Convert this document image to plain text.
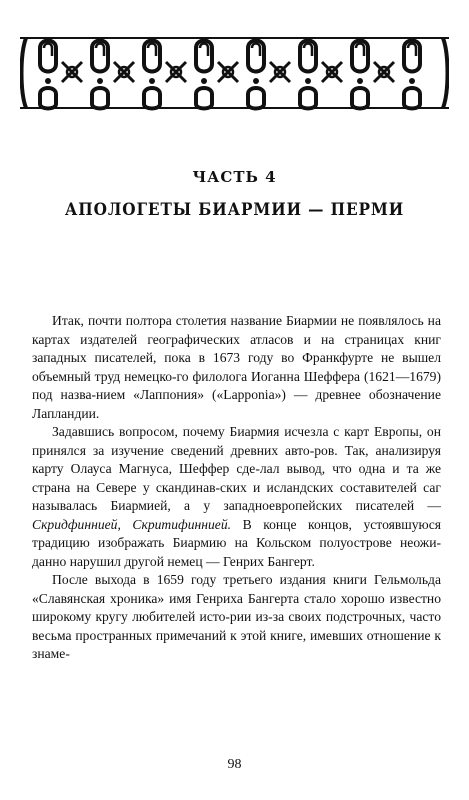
ЧАСТЬ 4
АПОЛОГЕТЫ БИАРМИИ — ПЕРМИ

Итак, почти полтора столетия название Биармии не появлялось на картах издателей географических атласов и на страницах книг западных писателей, пока в 1673 году во Франкфурте не вышел объемный труд немецко-го филолога Иоганна Шеффера (1621—1679) под назва-нием «Лаппония» («Lapponia») — древнее обозначение Лапландии.

Задавшись вопросом, почему Биармия исчезла с карт Европы, он принялся за изучение сведений древних авто-ров. Так, анализируя карту Олауса Магнуса, Шеффер сде-лал вывод, что одна и та же страна на Севере у скандинав-ских и исландских составителей саг называлась Биармией, а у западноевропейских писателей — Скридфиннией, Скритифиннией. В конце концов, устоявшуюся традицию изображать Биармию на Кольском полуострове неожи-данно нарушил другой немец — Генрих Бангерт.

После выхода в 1659 году третьего издания книги Гельмольда «Славянская хроника» имя Генриха Бангерта стало хорошо известно широкому кругу любителей исто-рии из-за своих подстрочных, часто весьма пространных примечаний к этой книге, имевших отношение к знаме-

98
